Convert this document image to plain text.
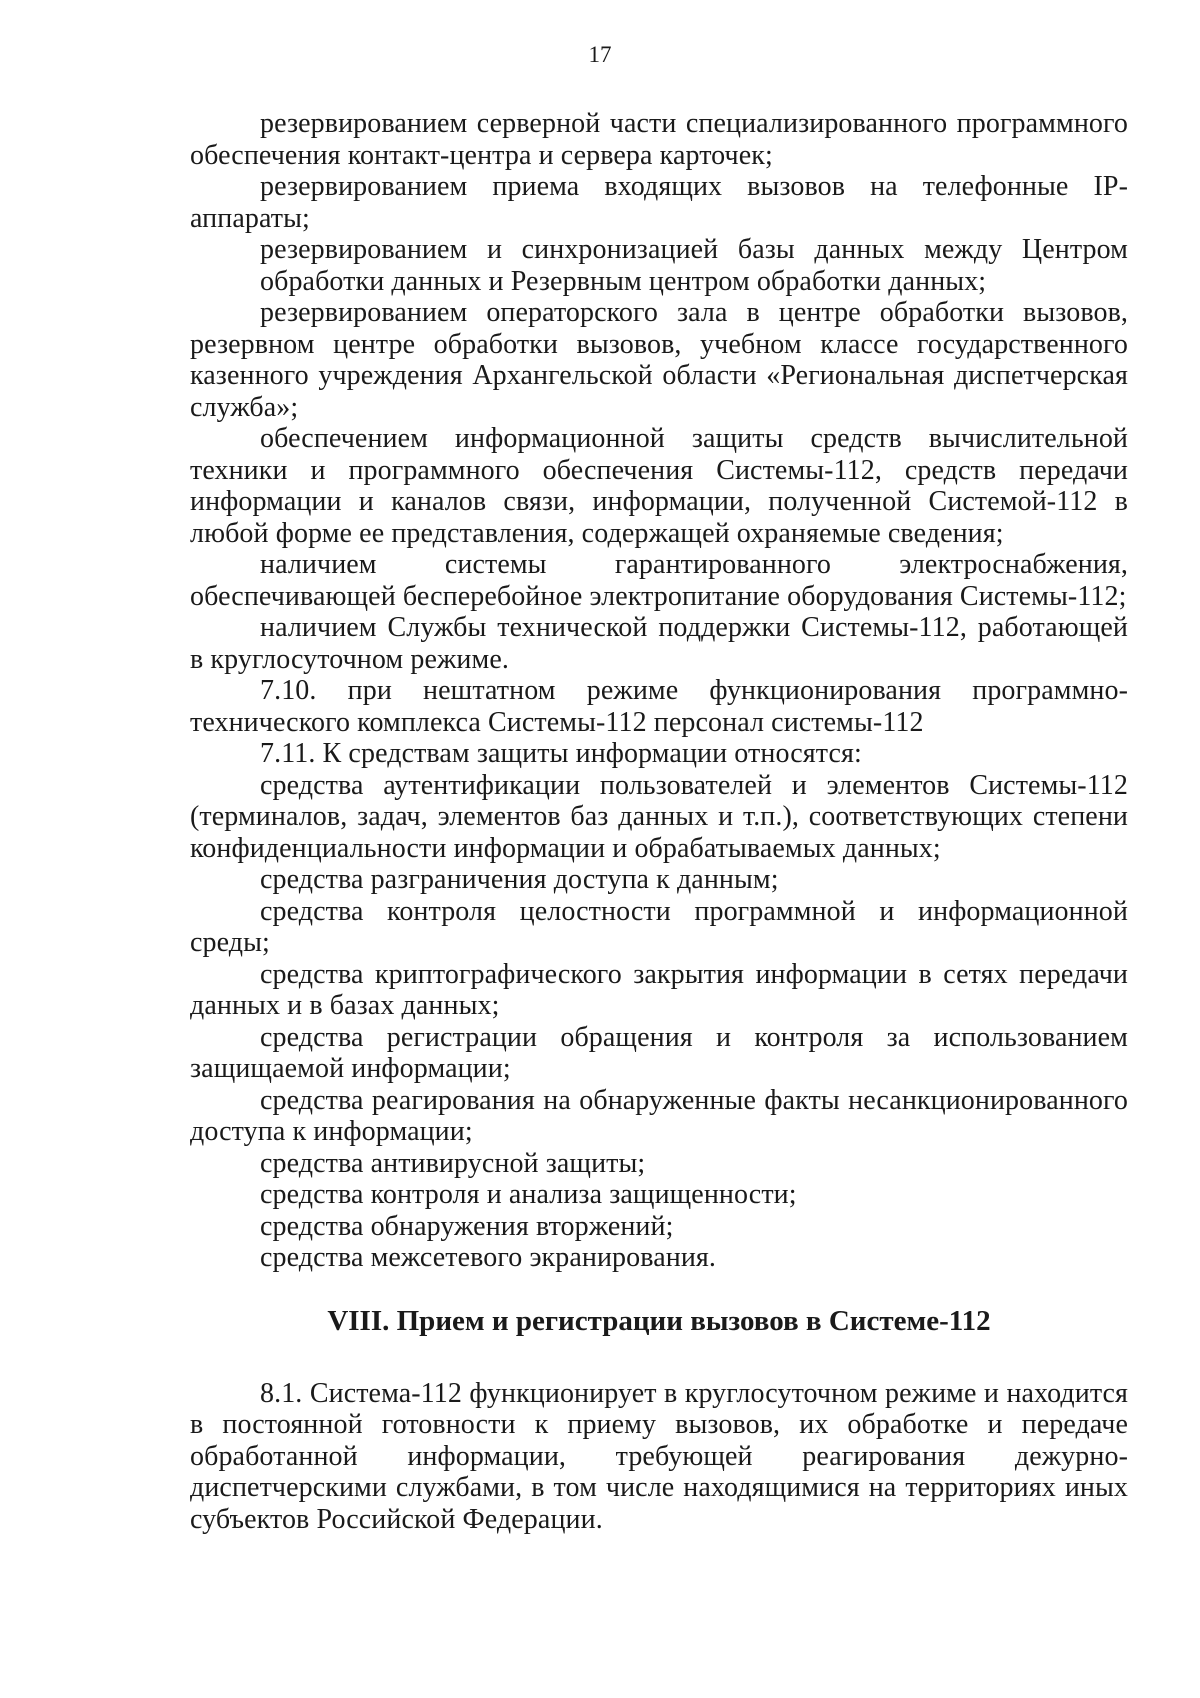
17

резервированием серверной части специализированного программного обеспечения контакт-центра и сервера карточек;

резервированием приема входящих вызовов на телефонные IP-аппараты;

резервированием и синхронизацией базы данных между Центром обработки данных и Резервным центром обработки данных;

резервированием операторского зала в центре обработки вызовов, резервном центре обработки вызовов, учебном классе государственного казенного учреждения Архангельской области «Региональная диспетчерская служба»;

обеспечением информационной защиты средств вычислительной техники и программного обеспечения Системы-112, средств передачи информации и каналов связи, информации, полученной Системой-112 в любой форме ее представления, содержащей охраняемые сведения;

наличием системы гарантированного электроснабжения, обеспечивающей бесперебойное электропитание оборудования Системы-112;

наличием Службы технической поддержки Системы-112, работающей в круглосуточном режиме.

7.10. при нештатном режиме функционирования программно-технического комплекса Системы-112 персонал системы-112

7.11. К средствам защиты информации относятся:

средства аутентификации пользователей и элементов Системы-112 (терминалов, задач, элементов баз данных и т.п.), соответствующих степени конфиденциальности информации и обрабатываемых данных;

средства разграничения доступа к данным;

средства контроля целостности программной и информационной среды;

средства криптографического закрытия информации в сетях передачи данных и в базах данных;

средства регистрации обращения и контроля за использованием защищаемой информации;

средства реагирования на обнаруженные факты несанкционированного доступа к информации;

средства антивирусной защиты;

средства контроля и анализа защищенности;

средства обнаружения вторжений;

средства межсетевого экранирования.

VIII. Прием и регистрации вызовов в Системе-112

8.1. Система-112 функционирует в круглосуточном режиме и находится в постоянной готовности к приему вызовов, их обработке и передаче обработанной информации, требующей реагирования дежурно-диспетчерскими службами, в том числе находящимися на территориях иных субъектов Российской Федерации.
